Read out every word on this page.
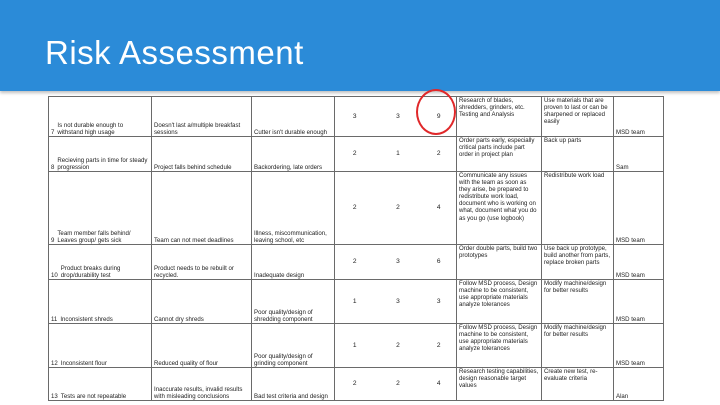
Risk Assessment
7
Is not durable enough to withstand high usage	Doesn't last a/multiple breakfast sessions	Cutter isn't durable enough	3	3	9	Research of blades, shredders, grinders, etc. Testing and Analysis	Use materials that are proven to last or can be sharpened or replaced easily	MSD team

8
Recieving parts in time for steady progression	Project falls behind schedule	Backordering, late orders	2	1	2	Order parts early, especially critical parts include part order in project plan	Back up parts	Sam

9
Team member falls behind/ Leaves group/ gets sick	Team can not meet deadlines	Illness, miscommunication, leaving school, etc	2	2	4	Communicate any issues with the team as soon as they arise, be prepared to redistribute work load, document who is working on what, document what you do as you go (use logbook)	Redistribute work load	MSD team

10
Product breaks during drop/durability test	Product needs to be rebuilt or recycled.	Inadequate design	2	3	6	Order double parts, build two prototypes	Use back up prototype, build another from parts, replace broken parts	MSD team

11 Inconsistent shreds	Cannot dry shreds	Poor quality/design of shredding component	1	3	3	Follow MSD process, Design machine to be consistent, use appropriate materials analyze tolerances	Modify machine/design for better results	MSD team

12 Inconsistent flour	Reduced quality of flour	Poor quality/design of grinding component	1	2	2	Follow MSD process, Design machine to be consistent, use appropriate materials analyze tolerances	Modify machine/design for better results	MSD team

13 Tests are not repeatable	Inaccurate results, invalid results with misleading conclusions	Bad test criteria and design	2	2	4	Research testing capabilities, design reasonable target values	Create new test, re-evaluate criteria	Alan
